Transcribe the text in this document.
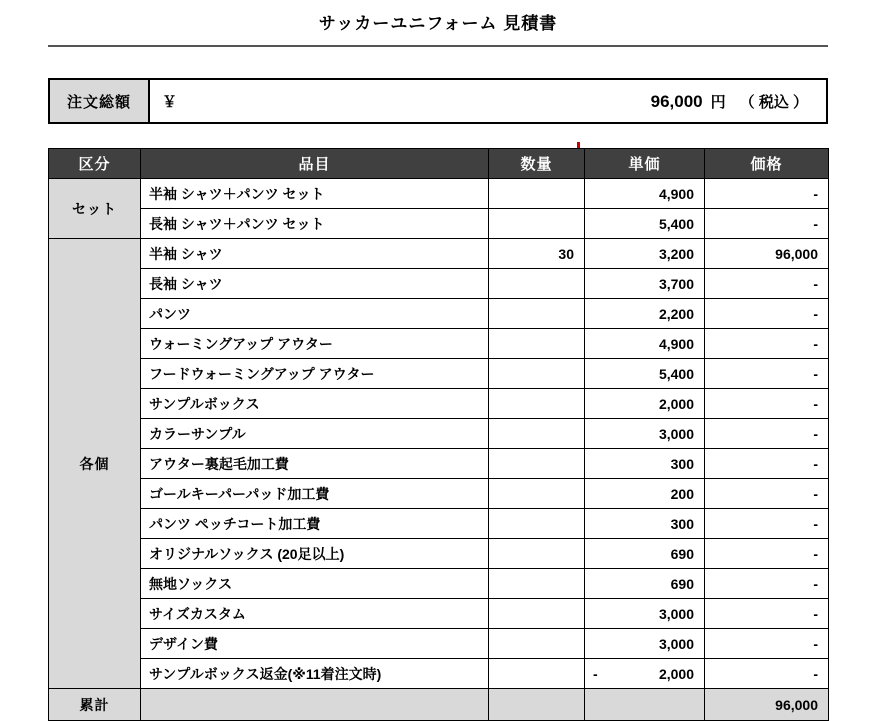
サッカーユニフォーム 見積書
注文総額	￥	96,000 円 （ 税込 ）
区分	品目	数量	単価	価格
セット	半袖 シャツ＋パンツ セット		4,900	-
	長袖 シャツ＋パンツ セット		5,400	-
各個	半袖 シャツ	30	3,200	96,000
	長袖 シャツ		3,700	-
	パンツ		2,200	-
	ウォーミングアップ アウター		4,900	-
	フードウォーミングアップ アウター		5,400	-
	サンプルボックス		2,000	-
	カラーサンプル		3,000	-
	アウター裏起毛加工費		300	-
	ゴールキーパーパッド加工費		200	-
	パンツ ペッチコート加工費		300	-
	オリジナルソックス (20足以上)		690	-
	無地ソックス		690	-
	サイズカスタム		3,000	-
	デザイン費		3,000	-
	サンプルボックス返金(※11着注文時)		- 2,000	-
累計				96,000
